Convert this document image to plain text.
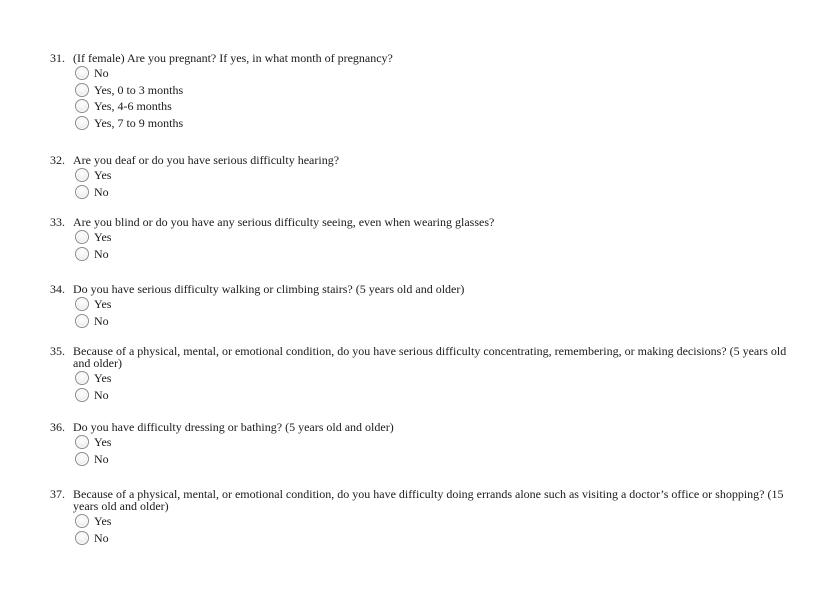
31. (If female) Are you pregnant? If yes, in what month of pregnancy?
No
Yes, 0 to 3 months
Yes, 4-6 months
Yes, 7 to 9 months
32. Are you deaf or do you have serious difficulty hearing?
Yes
No
33. Are you blind or do you have any serious difficulty seeing, even when wearing glasses?
Yes
No
34. Do you have serious difficulty walking or climbing stairs? (5 years old and older)
Yes
No
35. Because of a physical, mental, or emotional condition, do you have serious difficulty concentrating, remembering, or making decisions? (5 years old and older)
Yes
No
36. Do you have difficulty dressing or bathing? (5 years old and older)
Yes
No
37. Because of a physical, mental, or emotional condition, do you have difficulty doing errands alone such as visiting a doctor’s office or shopping? (15 years old and older)
Yes
No
